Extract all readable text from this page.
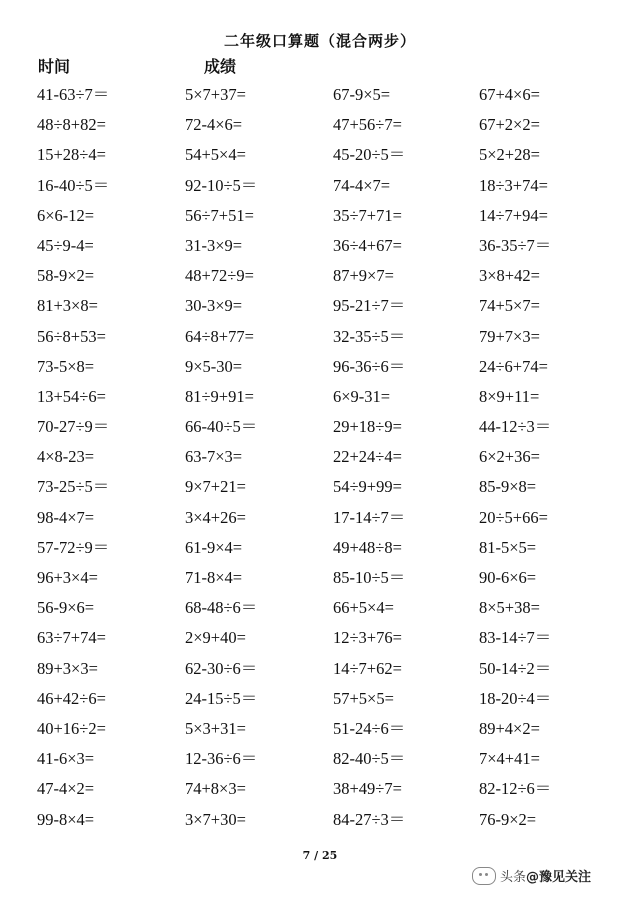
二年级口算题（混合两步）
时间	成绩
41-63÷7＝	5×7+37=	67-9×5=	67+4×6=
48÷8+82=	72-4×6=	47+56÷7=	67+2×2=
15+28÷4=	54+5×4=	45-20÷5＝	5×2+28=
16-40÷5＝	92-10÷5＝	74-4×7=	18÷3+74=
6×6-12=	56÷7+51=	35÷7+71=	14÷7+94=
45÷9-4=	31-3×9=	36÷4+67=	36-35÷7＝
58-9×2=	48+72÷9=	87+9×7=	3×8+42=
81+3×8=	30-3×9=	95-21÷7＝	74+5×7=
56÷8+53=	64÷8+77=	32-35÷5＝	79+7×3=
73-5×8=	9×5-30=	96-36÷6＝	24÷6+74=
13+54÷6=	81÷9+91=	6×9-31=	8×9+11=
70-27÷9＝	66-40÷5＝	29+18÷9=	44-12÷3＝
4×8-23=	63-7×3=	22+24÷4=	6×2+36=
73-25÷5＝	9×7+21=	54÷9+99=	85-9×8=
98-4×7=	3×4+26=	17-14÷7＝	20÷5+66=
57-72÷9＝	61-9×4=	49+48÷8=	81-5×5=
96+3×4=	71-8×4=	85-10÷5＝	90-6×6=
56-9×6=	68-48÷6＝	66+5×4=	8×5+38=
63÷7+74=	2×9+40=	12÷3+76=	83-14÷7＝
89+3×3=	62-30÷6＝	14÷7+62=	50-14÷2＝
46+42÷6=	24-15÷5＝	57+5×5=	18-20÷4＝
40+16÷2=	5×3+31=	51-24÷6＝	89+4×2=
41-6×3=	12-36÷6＝	82-40÷5＝	7×4+41=
47-4×2=	74+8×3=	38+49÷7=	82-12÷6＝
99-8×4=	3×7+30=	84-27÷3＝	76-9×2=
7 / 25
头条@豫见关注
